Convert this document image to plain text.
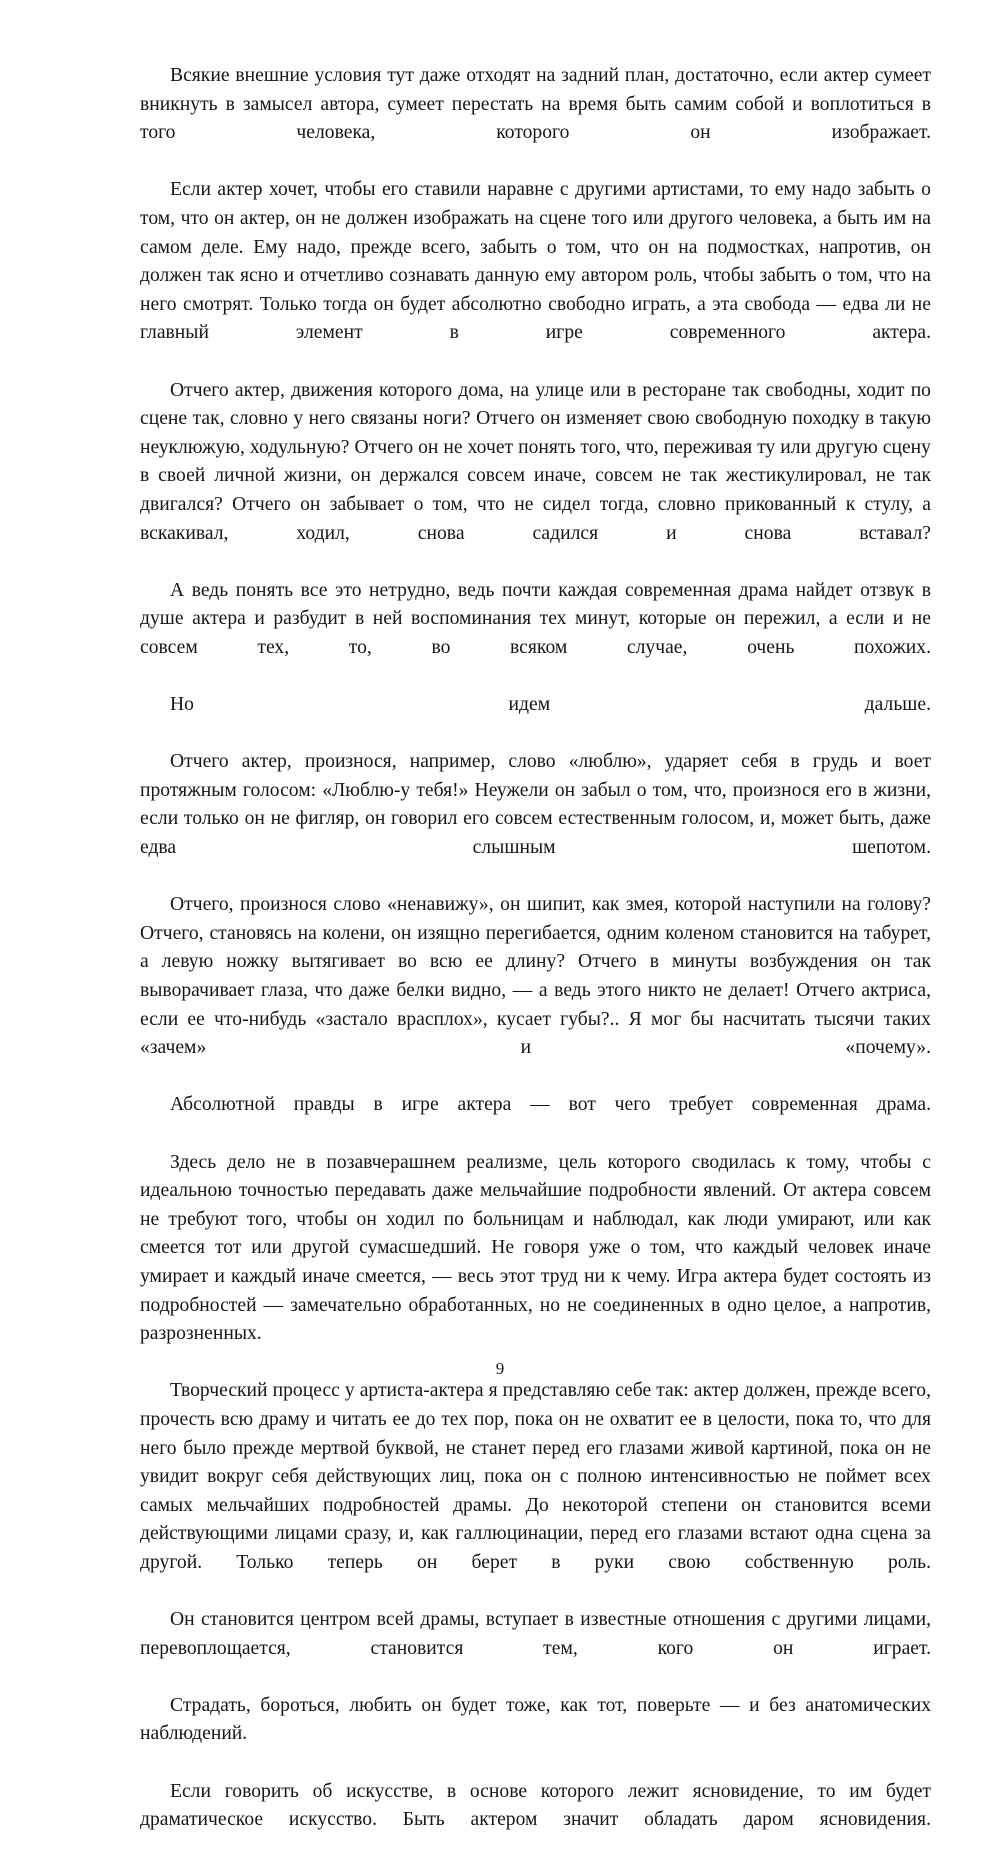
Всякие внешние условия тут даже отходят на задний план, достаточно, если актер сумеет вникнуть в замысел автора, сумеет перестать на время быть самим собой и воплотиться в того человека, которого он изображает.

Если актер хочет, чтобы его ставили наравне с другими артистами, то ему надо забыть о том, что он актер, он не должен изображать на сцене того или другого человека, а быть им на самом деле. Ему надо, прежде всего, забыть о том, что он на подмостках, напротив, он должен так ясно и отчетливо сознавать данную ему автором роль, чтобы забыть о том, что на него смотрят. Только тогда он будет абсолютно свободно играть, а эта свобода — едва ли не главный элемент в игре современного актера.

Отчего актер, движения которого дома, на улице или в ресторане так свободны, ходит по сцене так, словно у него связаны ноги? Отчего он изменяет свою свободную походку в такую неуклюжую, ходульную? Отчего он не хочет понять того, что, переживая ту или другую сцену в своей личной жизни, он держался совсем иначе, совсем не так жестикулировал, не так двигался? Отчего он забывает о том, что не сидел тогда, словно прикованный к стулу, а вскакивал, ходил, снова садился и снова вставал?

А ведь понять все это нетрудно, ведь почти каждая современная драма найдет отзвук в душе актера и разбудит в ней воспоминания тех минут, которые он пережил, а если и не совсем тех, то, во всяком случае, очень похожих.

Но идем дальше.

Отчего актер, произнося, например, слово «люблю», ударяет себя в грудь и воет протяжным голосом: «Люблю-у тебя!» Неужели он забыл о том, что, произнося его в жизни, если только он не фигляр, он говорил его совсем естественным голосом, и, может быть, даже едва слышным шепотом.

Отчего, произнося слово «ненавижу», он шипит, как змея, которой наступили на голову? Отчего, становясь на колени, он изящно перегибается, одним коленом становится на табурет, а левую ножку вытягивает во всю ее длину? Отчего в минуты возбуждения он так выворачивает глаза, что даже белки видно, — а ведь этого никто не делает! Отчего актриса, если ее что-нибудь «застало врасплох», кусает губы?.. Я мог бы насчитать тысячи таких «зачем» и «почему».

Абсолютной правды в игре актера — вот чего требует современная драма.

Здесь дело не в позавчерашнем реализме, цель которого сводилась к тому, чтобы с идеальною точностью передавать даже мельчайшие подробности явлений. От актера совсем не требуют того, чтобы он ходил по больницам и наблюдал, как люди умирают, или как смеется тот или другой сумасшедший. Не говоря уже о том, что каждый человек иначе умирает и каждый иначе смеется, — весь этот труд ни к чему. Игра актера будет состоять из подробностей — замечательно обработанных, но не соединенных в одно целое, а напротив, разрозненных.

Творческий процесс у артиста-актера я представляю себе так: актер должен, прежде всего, прочесть всю драму и читать ее до тех пор, пока он не охватит ее в целости, пока то, что для него было прежде мертвой буквой, не станет перед его глазами живой картиной, пока он не увидит вокруг себя действующих лиц, пока он с полною интенсивностью не поймет всех самых мельчайших подробностей драмы. До некоторой степени он становится всеми действующими лицами сразу, и, как галлюцинации, перед его глазами встают одна сцена за другой. Только теперь он берет в руки свою собственную роль.

Он становится центром всей драмы, вступает в известные отношения с другими лицами, перевоплощается, становится тем, кого он играет.

Страдать, бороться, любить он будет тоже, как тот, поверьте — и без анатомических наблюдений.

Если говорить об искусстве, в основе которого лежит ясновидение, то им будет драматическое искусство. Быть актером значит обладать даром ясновидения.

9
